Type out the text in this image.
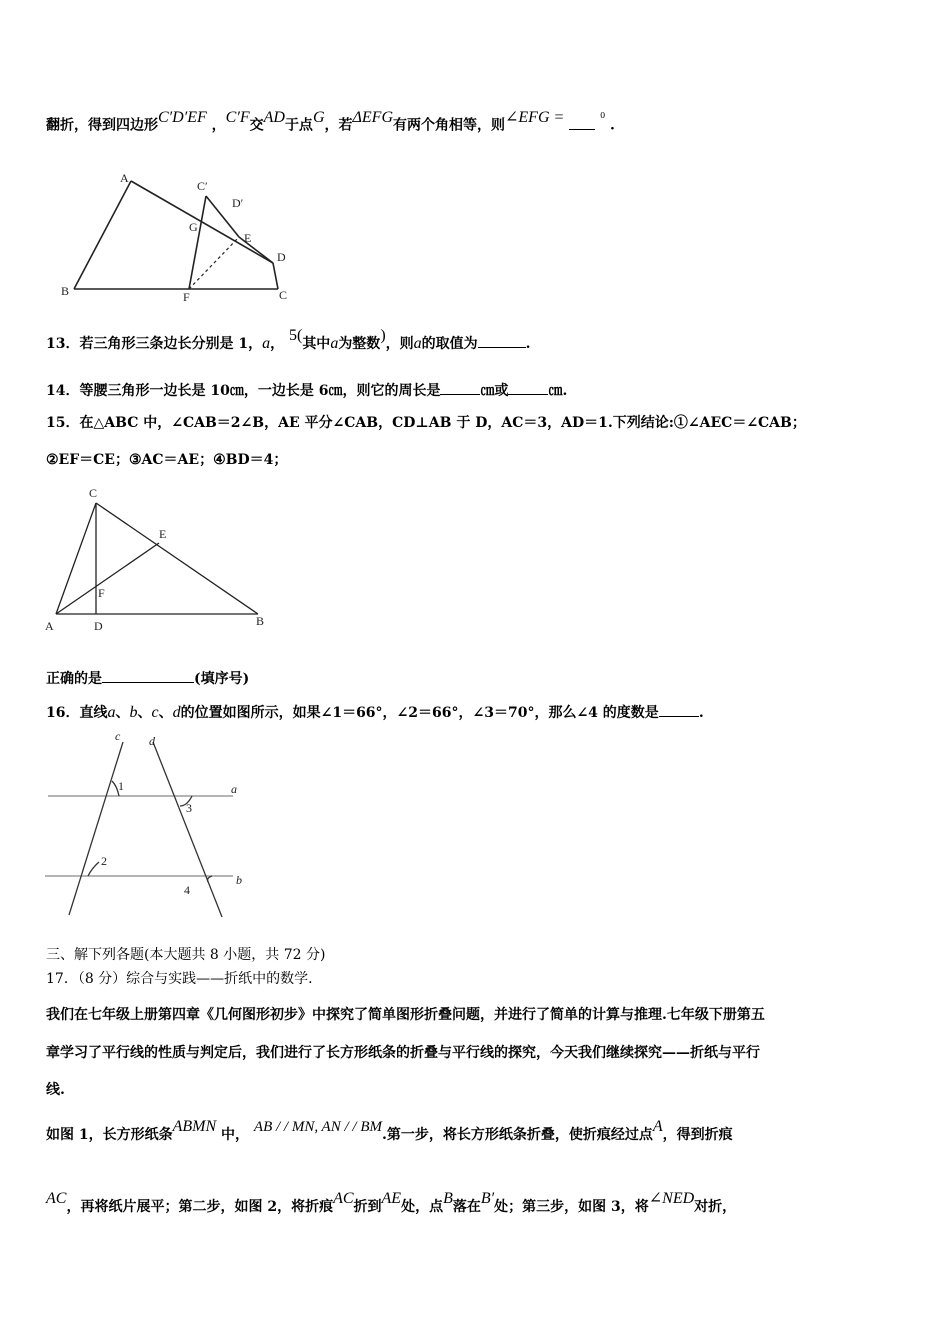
翻折，得到四边形C′D′EF ，C′F交AD于点G，若ΔEFG有两个角相等，则∠EFG =	$^0$ .
A
B	C
D
E
F
G
C′
D′
13．若三角形三条边长分别是 1，a， 5(其中a为整数)，则a的取值为	.
14．等腰三角形一边长是 10㎝，一边长是 6㎝，则它的周长是	㎝或	㎝.
15．在△ABC 中，∠CAB＝2∠B，AE 平分∠CAB，CD⊥AB 于 D，AC＝3，AD＝1.下列结论:①∠AEC＝∠CAB；
②EF＝CE；③AC＝AE；④BD＝4；
A	B
C
D
E
F
正确的是	(填序号)
16．直线a、b、c、d的位置如图所示，如果∠1＝66°，∠2＝66°，∠3＝70°，那么∠4 的度数是	.
c d
a
b
1
2
3
4
三、解下列各题(本大题共 8 小题，共 72 分)
17．（8 分）综合与实践——折纸中的数学.
我们在七年级上册第四章《几何图形初步》中探究了简单图形折叠问题，并进行了简单的计算与推理.七年级下册第五
章学习了平行线的性质与判定后，我们进行了长方形纸条的折叠与平行线的探究，今天我们继续探究——折纸与平行
线.
如图 1，长方形纸条ABMN 中， AB / / MN, AN / / BM.第一步，将长方形纸条折叠，使折痕经过点A，得到折痕
AC，再将纸片展平；第二步，如图 2，将折痕AC折到AE处，点B落在B′处；第三步，如图 3，将∠NED对折，
